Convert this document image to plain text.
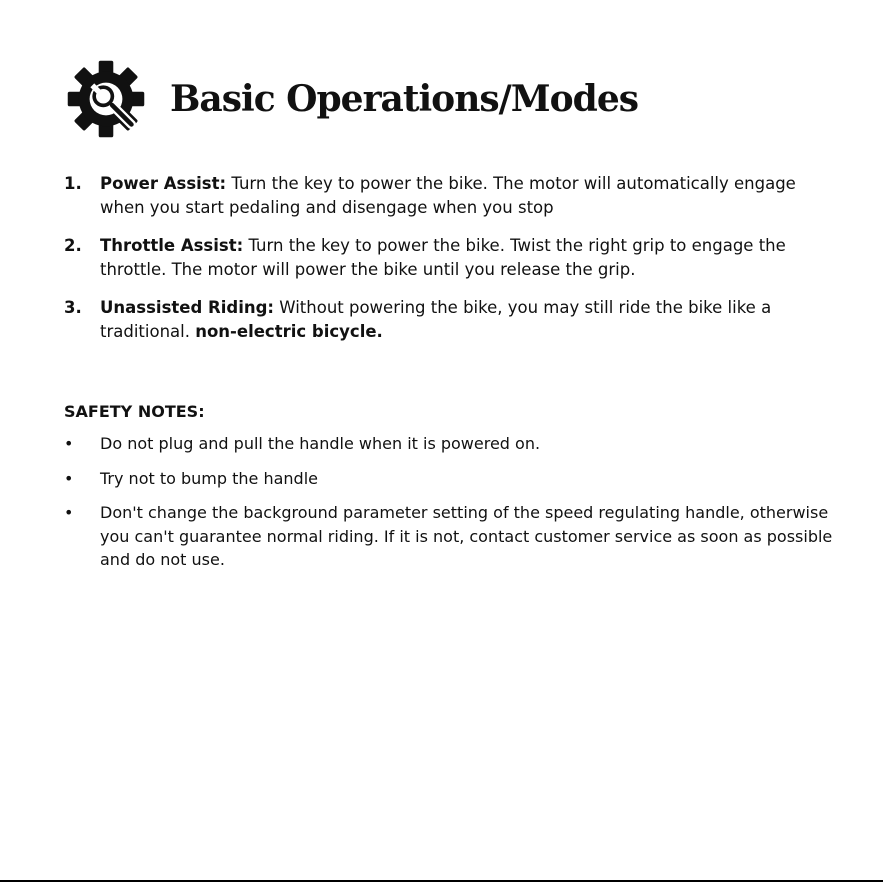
Basic Operations/Modes
1. Power Assist: Turn the key to power the bike. The motor will automatically engage when you start pedaling and disengage when you stop
2. Throttle Assist: Turn the key to power the bike. Twist the right grip to engage the throttle. The motor will power the bike until you release the grip.
3. Unassisted Riding: Without powering the bike, you may still ride the bike like a traditional. non-electric bicycle.
SAFETY NOTES:
• Do not plug and pull the handle when it is powered on.
• Try not to bump the handle
• Don't change the background parameter setting of the speed regulating handle, otherwise you can't guarantee normal riding. If it is not, contact customer service as soon as possible and do not use.
